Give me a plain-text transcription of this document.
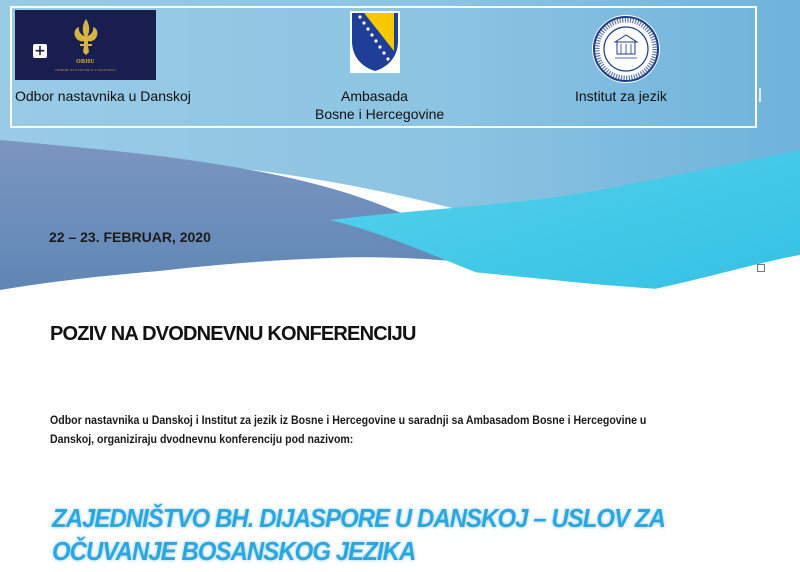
+
OBHU
ODBOR NASTAVNIKA U DANSKOJ
Odbor nastavnika u Danskoj	Ambasada
Bosne i Hercegovine
Institut za jezik
22 – 23. FEBRUAR, 2020
POZIV NA DVODNEVNU KONFERENCIJU
Odbor nastavnika u Danskoj i Institut za jezik iz Bosne i Hercegovine u saradnji sa Ambasadom Bosne i Hercegovine u Danskoj, organiziraju dvodnevnu konferenciju pod nazivom:
ZAJEDNIŠTVO BH. DIJASPORE U DANSKOJ – USLOV ZA OČUVANJE BOSANSKOG JEZIKA
